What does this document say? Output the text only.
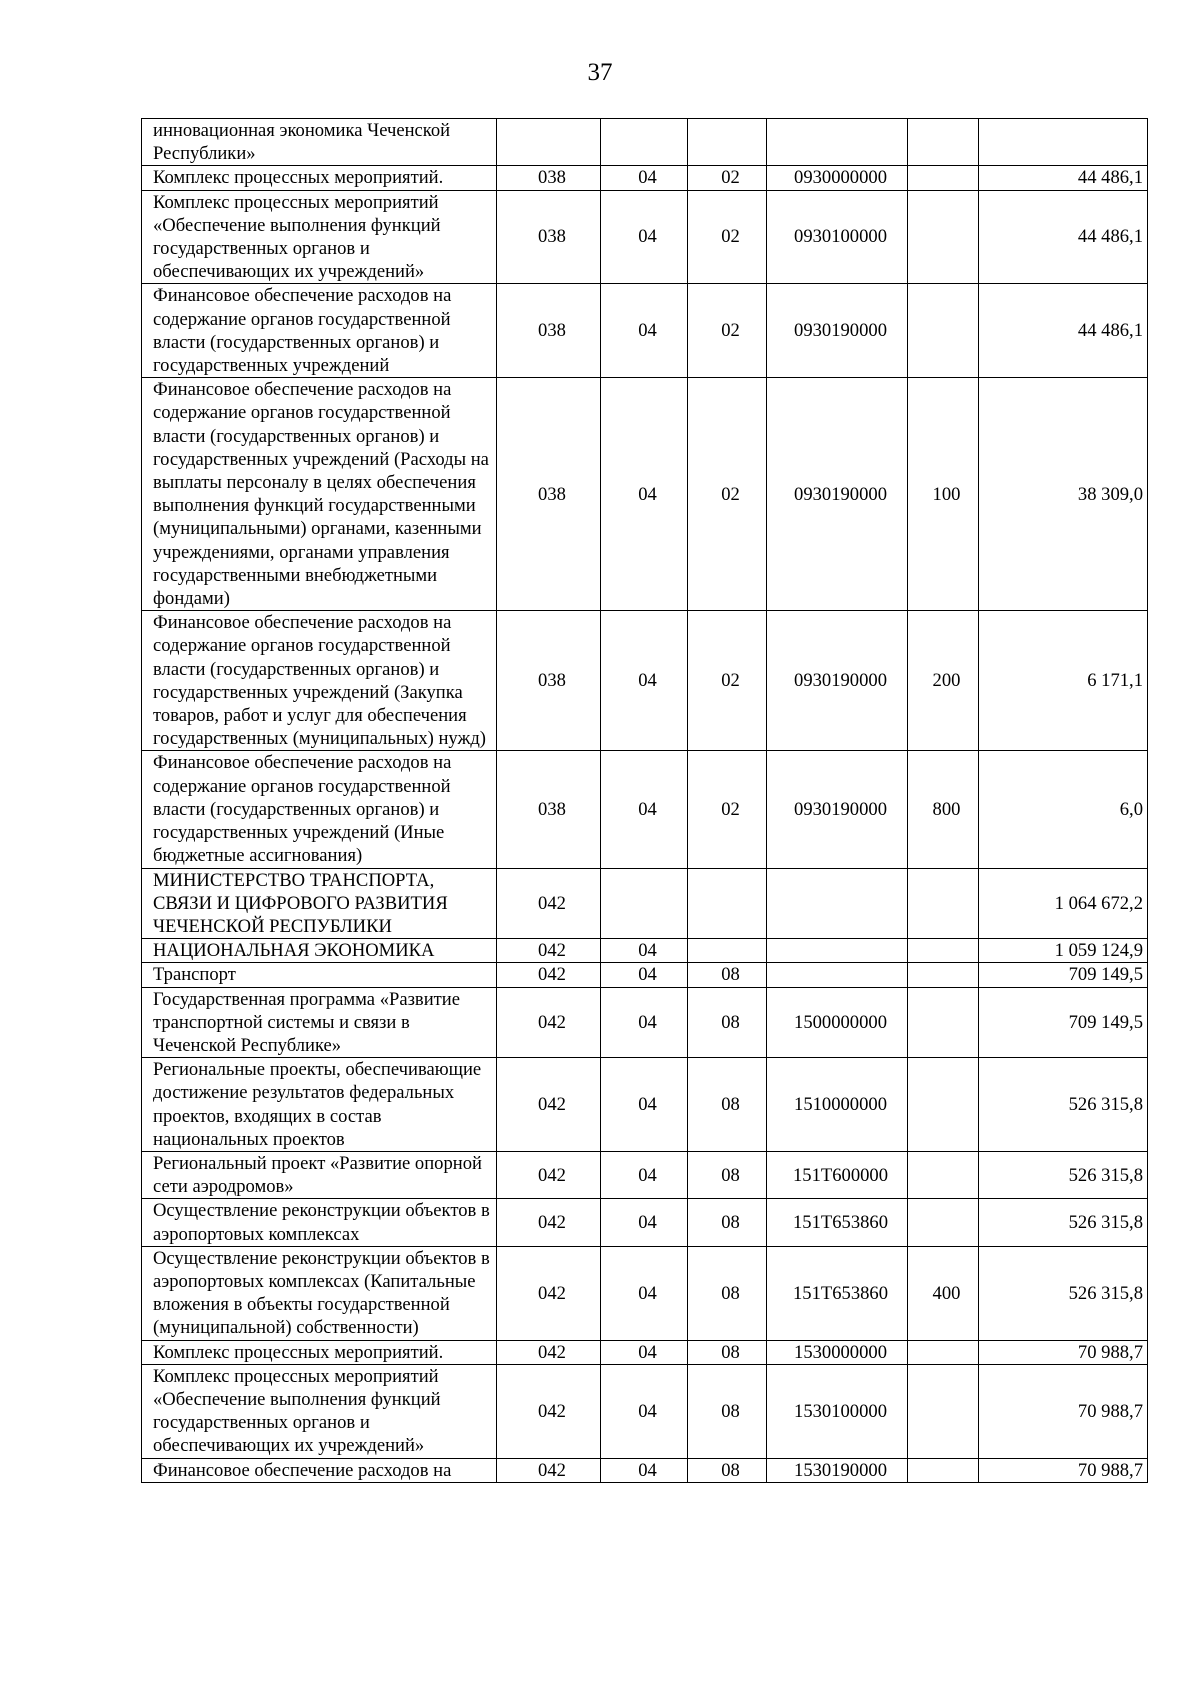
37
инновационная экономика Чеченской Республики»						
Комплекс процессных мероприятий.	038	04	02	0930000000		44 486,1
Комплекс процессных мероприятий «Обеспечение выполнения функций государственных органов и обеспечивающих их учреждений»	038	04	02	0930100000		44 486,1
Финансовое обеспечение расходов на содержание органов государственной власти (государственных органов) и государственных учреждений	038	04	02	0930190000		44 486,1
Финансовое обеспечение расходов на содержание органов государственной власти (государственных органов) и государственных учреждений (Расходы на выплаты персоналу в целях обеспечения выполнения функций государственными (муниципальными) органами, казенными учреждениями, органами управления государственными внебюджетными фондами)	038	04	02	0930190000	100	38 309,0
Финансовое обеспечение расходов на содержание органов государственной власти (государственных органов) и государственных учреждений (Закупка товаров, работ и услуг для обеспечения государственных (муниципальных) нужд)	038	04	02	0930190000	200	6 171,1
Финансовое обеспечение расходов на содержание органов государственной власти (государственных органов) и государственных учреждений (Иные бюджетные ассигнования)	038	04	02	0930190000	800	6,0
МИНИСТЕРСТВО ТРАНСПОРТА, СВЯЗИ И ЦИФРОВОГО РАЗВИТИЯ ЧЕЧЕНСКОЙ РЕСПУБЛИКИ	042					1 064 672,2
НАЦИОНАЛЬНАЯ ЭКОНОМИКА	042	04				1 059 124,9
Транспорт	042	04	08			709 149,5
Государственная программа «Развитие транспортной системы и связи в Чеченской Республике»	042	04	08	1500000000		709 149,5
Региональные проекты, обеспечивающие достижение результатов федеральных проектов, входящих в состав национальных проектов	042	04	08	1510000000		526 315,8
Региональный проект «Развитие опорной сети аэродромов»	042	04	08	151Т600000		526 315,8
Осуществление реконструкции объектов в аэропортовых комплексах	042	04	08	151Т653860		526 315,8
Осуществление реконструкции объектов в аэропортовых комплексах (Капитальные вложения в объекты государственной (муниципальной) собственности)	042	04	08	151Т653860	400	526 315,8
Комплекс процессных мероприятий.	042	04	08	1530000000		70 988,7
Комплекс процессных мероприятий «Обеспечение выполнения функций государственных органов и обеспечивающих их учреждений»	042	04	08	1530100000		70 988,7
Финансовое обеспечение расходов на	042	04	08	1530190000		70 988,7
